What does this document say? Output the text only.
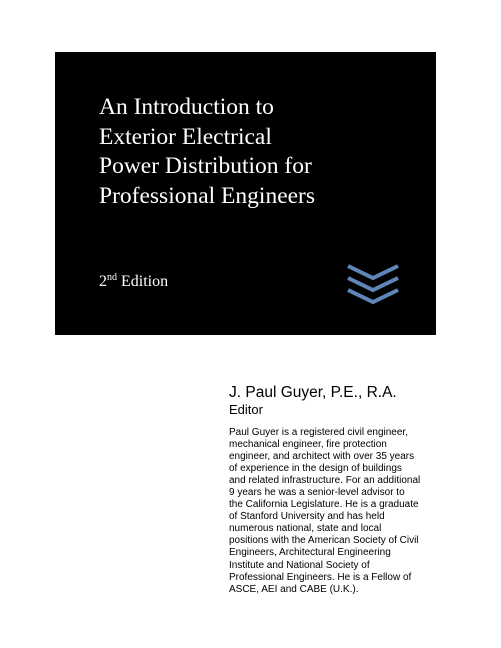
An Introduction to
Exterior Electrical
Power Distribution for
Professional Engineers
2nd Edition
J. Paul Guyer, P.E., R.A.
Editor
Paul Guyer is a registered civil engineer,
mechanical engineer, fire protection
engineer, and architect with over 35 years
of experience in the design of buildings
and related infrastructure. For an additional
9 years he was a senior-level advisor to
the California Legislature. He is a graduate
of Stanford University and has held
numerous national, state and local
positions with the American Society of Civil
Engineers, Architectural Engineering
Institute and National Society of
Professional Engineers. He is a Fellow of
ASCE, AEI and CABE (U.K.).
